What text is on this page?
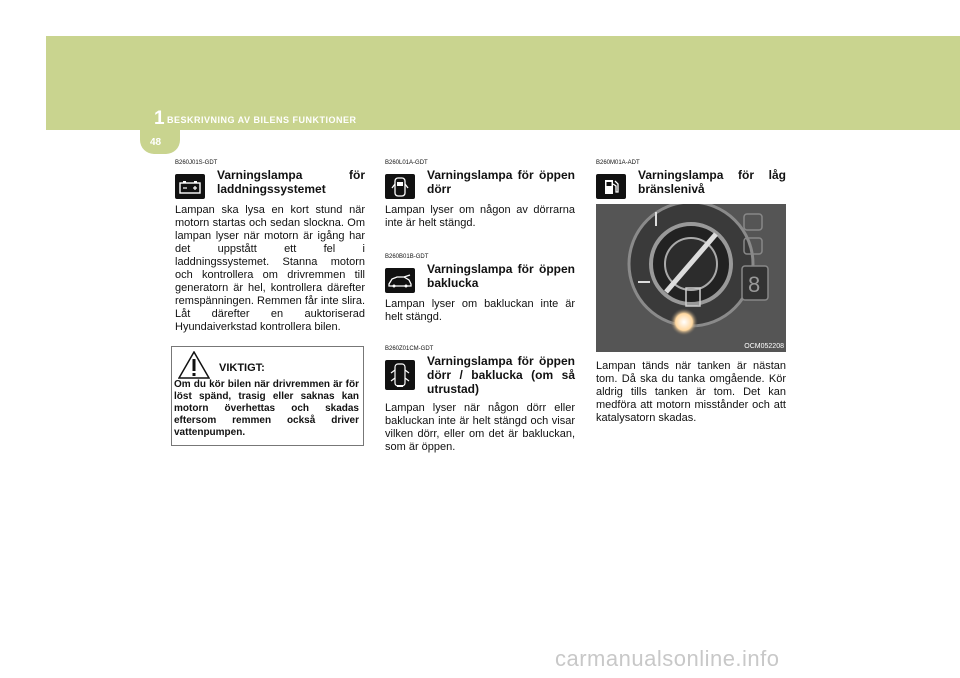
1 BESKRIVNING AV BILENS FUNKTIONER
48
B260J01S-GDT
Varningslampa för laddningssystemet
Lampan ska lysa en kort stund när motorn startas och sedan slockna. Om lampan lyser när motorn är igång har det uppstått ett fel i laddningssystemet. Stanna motorn och kontrollera om drivremmen till generatorn är hel, kontrollera därefter remspänningen. Remmen får inte slira. Låt därefter en auktoriserad Hyundaiverkstad kontrollera bilen.
VIKTIGT:
Om du kör bilen när drivremmen är för löst spänd, trasig eller saknas kan motorn överhettas och skadas eftersom remmen också driver vattenpumpen.
B260L01A-GDT
Varningslampa för öppen dörr
Lampan lyser om någon av dörrarna inte är helt stängd.
B260B01B-GDT
Varningslampa för öppen baklucka
Lampan lyser om bakluckan inte är helt stängd.
B260Z01CM-GDT
Varningslampa för öppen dörr / baklucka (om så utrustad)
Lampan lyser när någon dörr eller bakluckan inte är helt stängd och visar vilken dörr, eller om det är bakluckan, som är öppen.
B260M01A-ADT
Varningslampa för låg bränslenivå
8
OCM052208
Lampan tänds när tanken är nästan tom. Då ska du tanka omgående. Kör aldrig tills tanken är tom. Det kan medföra att motorn misstånder och att katalysatorn skadas.
carmanualsonline.info
